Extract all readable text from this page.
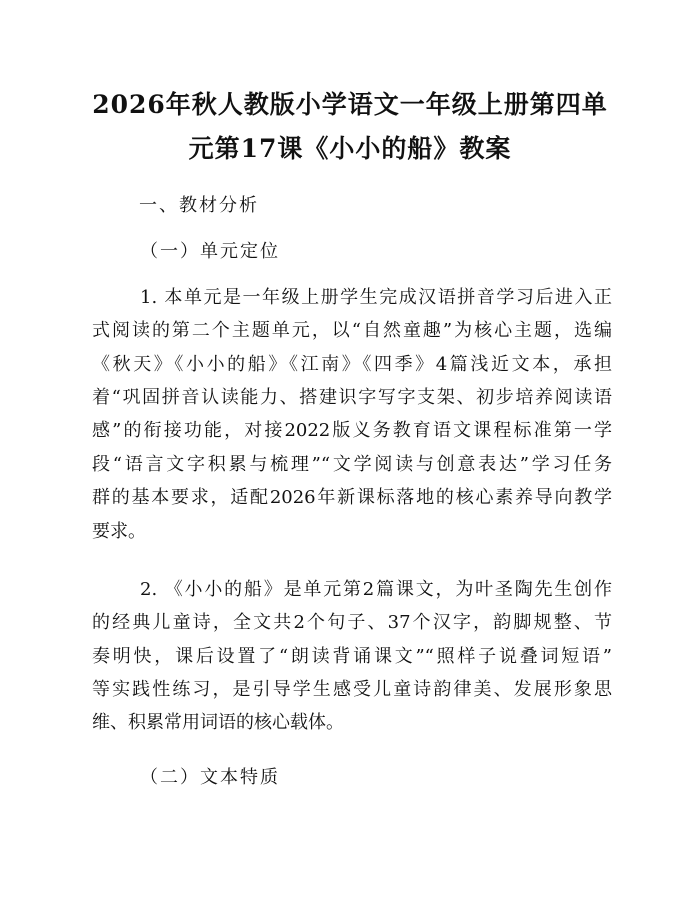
2026年秋人教版小学语文一年级上册第四单
元第17课《小小的船》教案
一、教材分析
（一）单元定位
1. 本单元是一年级上册学生完成汉语拼音学习后进入正
式阅读的第二个主题单元，以“自然童趣”为核心主题，选编
《秋天》《小小的船》《江南》《四季》4篇浅近文本，承担
着“巩固拼音认读能力、搭建识字写字支架、初步培养阅读语
感”的衔接功能，对接2022版义务教育语文课程标准第一学
段“语言文字积累与梳理”“文学阅读与创意表达”学习任务
群的基本要求，适配2026年新课标落地的核心素养导向教学
要求。
2. 《小小的船》是单元第2篇课文，为叶圣陶先生创作
的经典儿童诗，全文共2个句子、37个汉字，韵脚规整、节
奏明快，课后设置了“朗读背诵课文”“照样子说叠词短语”
等实践性练习，是引导学生感受儿童诗韵律美、发展形象思
维、积累常用词语的核心载体。
（二）文本特质
